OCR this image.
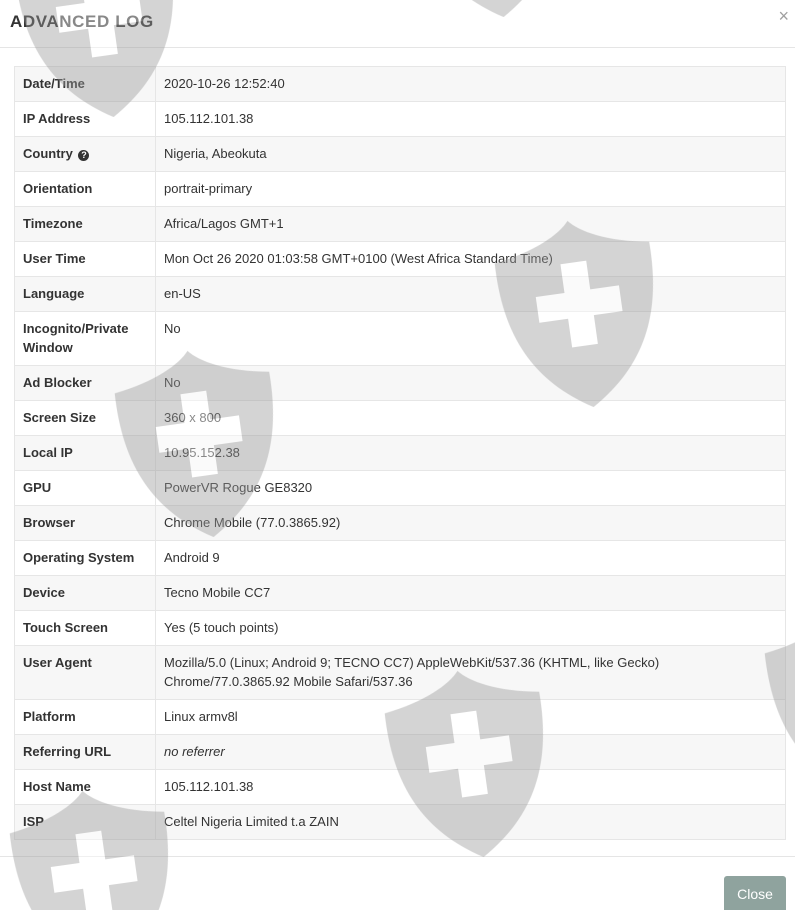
ADVANCED LOG	×
Date/Time	2020-10-26 12:52:40
IP Address	105.112.101.38
Country ?	Nigeria, Abeokuta
Orientation	portrait-primary
Timezone	Africa/Lagos GMT+1
User Time	Mon Oct 26 2020 01:03:58 GMT+0100 (West Africa Standard Time)
Language	en-US
Incognito/Private Window	No
Ad Blocker	No
Screen Size	360 x 800
Local IP	10.95.152.38
GPU	PowerVR Rogue GE8320
Browser	Chrome Mobile (77.0.3865.92)
Operating System	Android 9
Device	Tecno Mobile CC7
Touch Screen	Yes (5 touch points)
User Agent	Mozilla/5.0 (Linux; Android 9; TECNO CC7) AppleWebKit/537.36 (KHTML, like Gecko) Chrome/77.0.3865.92 Mobile Safari/537.36
Platform	Linux armv8l
Referring URL	no referrer
Host Name	105.112.101.38
ISP	Celtel Nigeria Limited t.a ZAIN
Close
